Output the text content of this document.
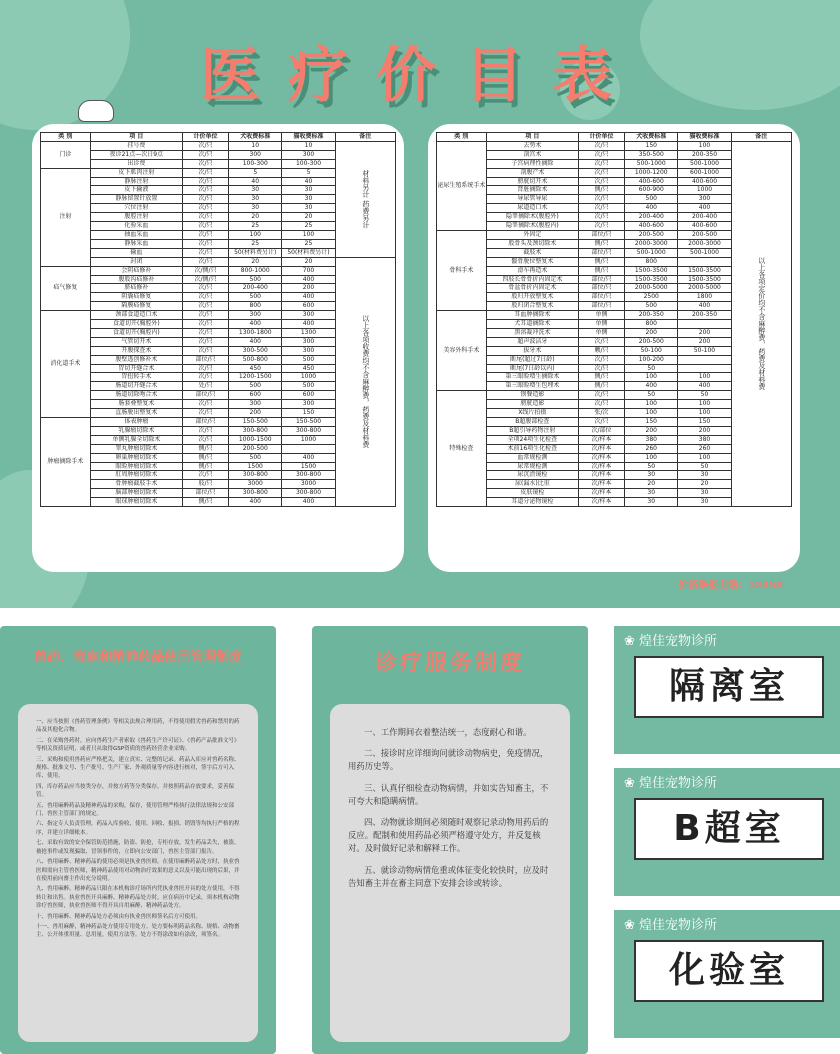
医疗价目表
类 别	项 目	计价单位	犬收费标准	猫收费标准	备注
门诊	挂号费	次/只	10	10	材料另计 药费另计
	夜诊21点—次日9点	次/只	300	300	
	出诊费	次/只	100-300	100-300	
注射	皮下肌肉注射	次/只	5	5	
	静脉注射	次/只	40	40	
	皮下输液	次/只	30	30	
	静脉留置针放置	次/只	30	30	
	穴位注射	次/只	30	30	
	腹腔注射	次/只	20	20	
	化验采血	次/只	25	25	
	抽血采血	次/只	100	100	
	静脉采血	次/只	25	25	
	输血	次/只	50(材料费另计)	50(材料费另计)	
	封闭	次/只	20	20	以上各项收费均不含麻醉费，药费及材料费
疝气修复	会阴疝修补	次/侧/只	800-1000	700	
	腹股沟疝修补	次/侧/只	500	400	
	脐疝修补	次/只	200-400	200	
	阴囊疝修复	次/只	500	400	
	隔膜疝修复	次/只	800	600	
消化道手术	颈部食道造口术	次/只	300	300	
	食道切开(胸腔外)	次/只	400	400	
	食道切开(胸腔内)	次/只	1300-1800	1300	
	气管切开术	次/只	400	300	
	开腹探查术	次/只	300-500	300	
	腹壁透创修补术	部位/只	500-800	500	
	胃切开缝合术	次/只	450	450	
	胃扭转手术	次/只	1200-1500	1000	
	肠道切开缝合术	处/只	500	500	
	肠道切除吻合术	部位/只	600	600	
	肠套叠整复术	次/只	300	300	
	直肠脱出整复术	次/只	200	150	
肿瘤摘除手术	体表肿瘤	部位/只	150-500	150-500	
	乳腺瘤切除术	次/只	300-800	300-800	
	单侧乳腺全切除术	次/只	1000-1500	1000	
	睾丸肿瘤切除术	侧/只	200-500		
	卵巢肿瘤切除术	侧/只	500	400	
	眼睑肿瘤切除术	侧/只	1500	1500	
	肛周肿瘤切除术	次/只	300-800	300-800	
	骨肿瘤截肢手术	肢/只	3000	3000	
	脑部肿瘤切除术	部位/只	300-800	300-800	
	眼球肿瘤切除术	侧/只	400	400	
类 别	项 目	计价单位	犬收费标准	猫收费标准	备注
泌尿生殖系统手术	去势术	次/只	150	100	以上各项定价均不含麻醉费，药费及材料费
	剖宫术	次/只	350-500	200-350	
	子宫病理性摘除	次/只	500-1000	500-1000	
	剖腹产术	次/只	1000-1200	600-1000	
	膀胱切开术	次/只	400-600	400-600	
	肾脏摘除术	侧/只	600-900	1000	
	导尿管导尿	次/只	500	300	
	尿道造口术	次/只	400	400	
	隐睾摘除术(腹腔外)	次/只	200-400	200-400	
	隐睾摘除术(腹腔内)	次/只	400-600	400-600	
骨科手术	外固定	部位/只	200-500	200-500	
	股骨头及颈切除术	侧/只	2000-3000	2000-3000	
	截肢术	部位/只	500-1000	500-1000	
	髋骨脱位整复术	侧/只	800		
	滑车再造术	侧/只	1500-3500	1500-3500	
	四肢长骨骨折内固定术	部位/只	1500-3500	1500-3500	
	骨盆骨折内固定术	部位/只	2000-5000	2000-5000	
	股归开放整复术	部位/只	2500	1800	
	股归闭合整复术	部位/只	500	400	
美容外科手术	耳血肿摘除术	单侧	200-350	200-350	
	犬耳道摘除术	单侧	800		
	黑溶凝冲洗术	单侧	200	200	
	超声波洁牙	次/只	200-500	200	
	拔牙术	颗/只	50-100	50-100	
	断尾(超过7日龄)	次/只	100-200		
	断尾(7日龄以内)	次/只	50		
	第三眼睑增生摘除术	侧/只	100	100	
	第三眼睑增生包埋术	侧/只	400	400	
特殊检查	钡餐造影	次/只	50	50	
	膀胱造影	次/只	100	100	
	X线片拍摄	张/次	100	100	
	B超腹部检查	次/只	150	150	
	B超引导药物注射	次/部位	200	200	
	全项24项生化检查	次/样本	380	380	
	术前16项生化检查	次/样本	260	260	
	血常规检测	次/样本	100	100	
	尿常规检测	次/样本	50	50	
	尿沉渣镜检	次/样本	30	30	
	尿(漏水)比重	次/样本	20	20	
	皮肤镜检	次/样本	30	30	
	耳道分泌物镜检	次/样本	30	30	
价格举报电话：12358
兽药、毒麻和精神药品使用管理制度

一、应当按照《兽药管理条例》等相关法规合理用药，不得使用假劣兽药和禁用的药品及其他化合物。

二、在采购兽药时，应向兽药生产者索取《兽药生产许可证》、《兽药产品批准文号》等相关资质证明，或者只从取得GSP资质的兽药经营企业采购。

三、采购和使用兽药应严格把关，建立真实、完整的记录。药品入库应对兽药名称、规格、批准文号、生产批号、生产厂家、外观质量等内容进行核对，签字后方可入库、使用。

四、库存药品应当按类分存，并按方药等分类保存，并按照药品存放要求，妥善保管。

五、兽用麻醉药品及精神药品的采购，保存，使用管理严格执行法律法规和公安部门、兽医主管部门的规定。

六、指定专人负责管理，药品入库验收、使用、回收、报损、销毁等均执行严格的程序，并建立详细帐本。

七、采取有效的安全保管防范措施，防盗、防抢，专柜存放，发生药品丢失，被盗，被抢事件或发现骗取、冒领事件的，立即向公安部门，兽医主管部门报告。

八、兽用麻醉、精神药品的使用必须是执业兽医师，在使用麻醉药品处方时，执业兽医师需向主管兽医师，精神药品使用对动物治疗效果的意义以及可能出现的后果，并在使用前向畜主作出充分说明。

九、兽用麻醉、精神药品只限在本机构诊疗场所内凭执业兽医开具的处方使用，不得转让和出售。执业兽医开具麻醉、精神药品处方时，应在病历中记录，须本机构动物诊疗兽医师，执业兽医师不得开具自用麻醉、精神药品处方。

十、兽用麻醉、精神药品处方必须由有执业兽医师签名后方可使用。

十一、兽用麻醉，精神药品处方使用专用处方。处方要标明药品名称、规格、动物畜主、公开体重用量、总用量，使用方法等。处方不得涂改如有涂改，须签名。

诊疗服务制度

一、工作期间衣着整洁统一，态度耐心和谐。

二、接诊时应详细询问就诊动物病史，免疫情况，用药历史等。

三、认真仔细检查动物病情，并如实告知畜主，不可夸大和隐瞒病情。

四、动物就诊期间必须随时观察记录动物用药后的反应。配制和使用药品必须严格遵守处方，并反复核对。及时做好记录和解释工作。

五、就诊动物病情危重或体征变化较快时，应及时告知畜主并在畜主同意下安排会诊或转诊。

❀ 煌佳宠物诊所
隔离室
❀ 煌佳宠物诊所
B超室
❀ 煌佳宠物诊所
化验室
